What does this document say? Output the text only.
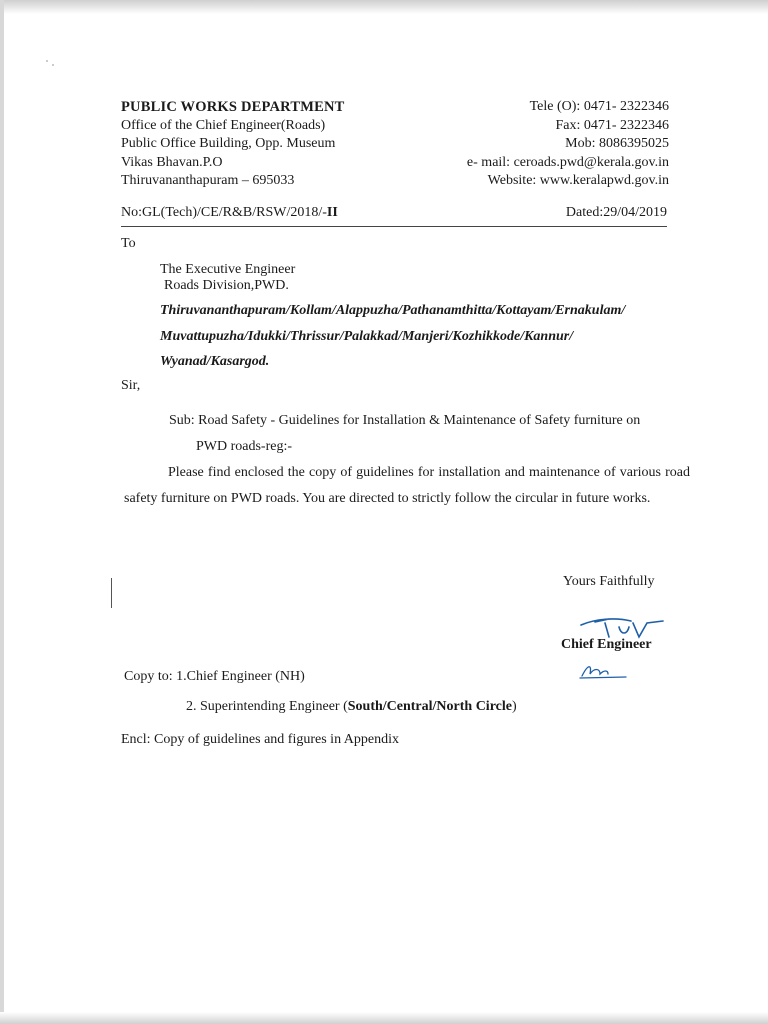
PUBLIC WORKS DEPARTMENT
Office of the Chief Engineer(Roads)
Public Office Building, Opp. Museum
Vikas Bhavan.P.O
Thiruvananthapuram – 695033
Tele (O): 0471- 2322346
Fax: 0471- 2322346
Mob: 8086395025
e- mail: ceroads.pwd@kerala.gov.in
Website: www.keralapwd.gov.in
No:GL(Tech)/CE/R&B/RSW/2018/-II	Dated:29/04/2019
To
The Executive Engineer
Roads Division,PWD.
Thiruvananthapuram/Kollam/Alappuzha/Pathanamthitta/Kottayam/Ernakulam/
Muvattupuzha/Idukki/Thrissur/Palakkad/Manjeri/Kozhikkode/Kannur/
Wyanad/Kasargod.
Sir,
Sub: Road Safety - Guidelines for Installation & Maintenance of Safety furniture on
PWD roads-reg:-
Please find enclosed the copy of guidelines for installation and maintenance of various road safety furniture on PWD roads. You are directed to strictly follow the circular in future works.
Yours Faithfully
Chief Engineer
Copy to: 1.Chief Engineer (NH)
2. Superintending Engineer (South/Central/North Circle)
Encl: Copy of guidelines and figures in Appendix
